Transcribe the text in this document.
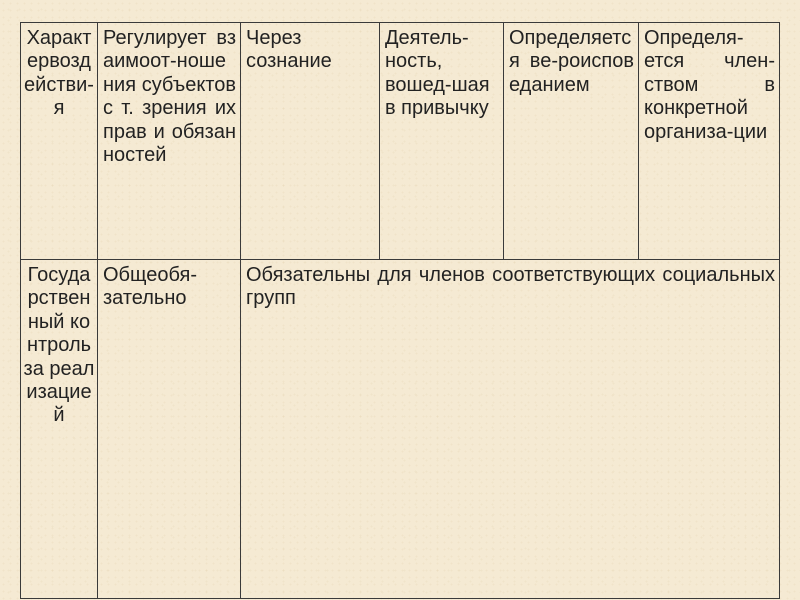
Характервоздействия	Регулирует взаимоот-ношения субъектов с т. зрения их прав и обязанностей	Через сознание	Деятель-ность, вошед-шая в привычку	Определяется ве-роисповеданием	Определя-ется член-ством в конкретной организа-ции

Государственный контроль за реализацией	Общеобя-зательно	Обязательны для членов соответствующих социальных групп			
